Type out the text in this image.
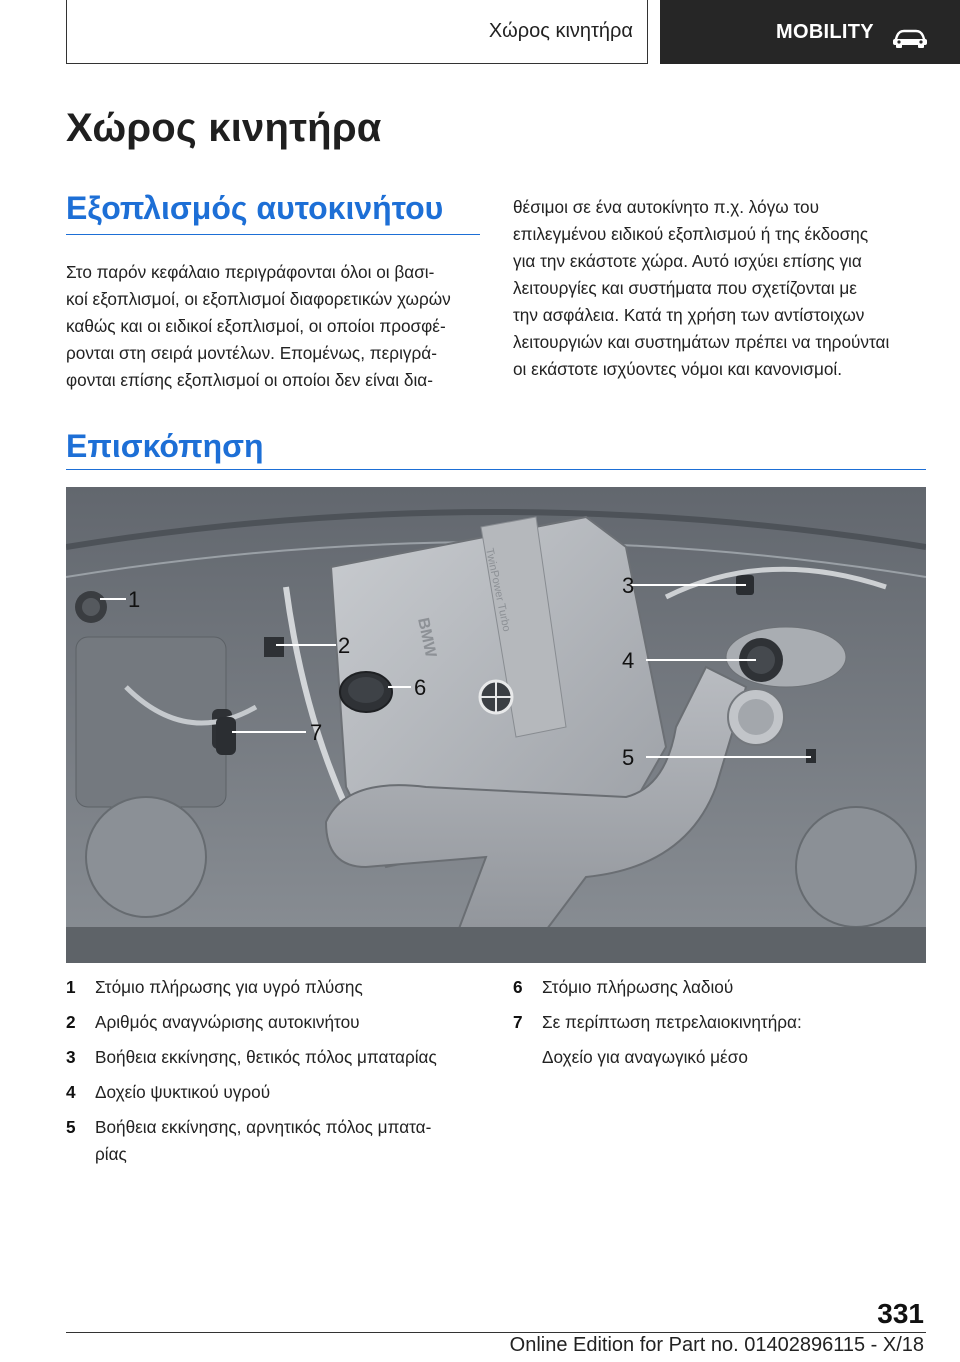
Χώρος κινητήρα	MOBILITY
Χώρος κινητήρα
Εξοπλισμός αυτοκινήτου
Στο παρόν κεφάλαιο περιγράφονται όλοι οι βασι-
κοί εξοπλισμοί, οι εξοπλισμοί διαφορετικών χωρών
καθώς και οι ειδικοί εξοπλισμοί, οι οποίοι προσφέ-
ρονται στη σειρά μοντέλων. Επομένως, περιγρά-
φονται επίσης εξοπλισμοί οι οποίοι δεν είναι δια-
θέσιμοι σε ένα αυτοκίνητο π.χ. λόγω του
επιλεγμένου ειδικού εξοπλισμού ή της έκδοσης
για την εκάστοτε χώρα. Αυτό ισχύει επίσης για
λειτουργίες και συστήματα που σχετίζονται με
την ασφάλεια. Κατά τη χρήση των αντίστοιχων
λειτουργιών και συστημάτων πρέπει να τηρούνται
οι εκάστοτε ισχύοντες νόμοι και κανονισμοί.
Επισκόπηση
BMW
TwinPower Turbo
1
2
3
4
5
6
7
1 Στόμιο πλήρωσης για υγρό πλύσης
2 Αριθμός αναγνώρισης αυτοκινήτου
3 Βοήθεια εκκίνησης, θετικός πόλος μπαταρίας
4 Δοχείο ψυκτικού υγρού
5 Βοήθεια εκκίνησης, αρνητικός πόλος μπατα-
ρίας
6 Στόμιο πλήρωσης λαδιού
7 Σε περίπτωση πετρελαιοκινητήρα:
Δοχείο για αναγωγικό μέσο
331
Online Edition for Part no. 01402896115 - X/18
